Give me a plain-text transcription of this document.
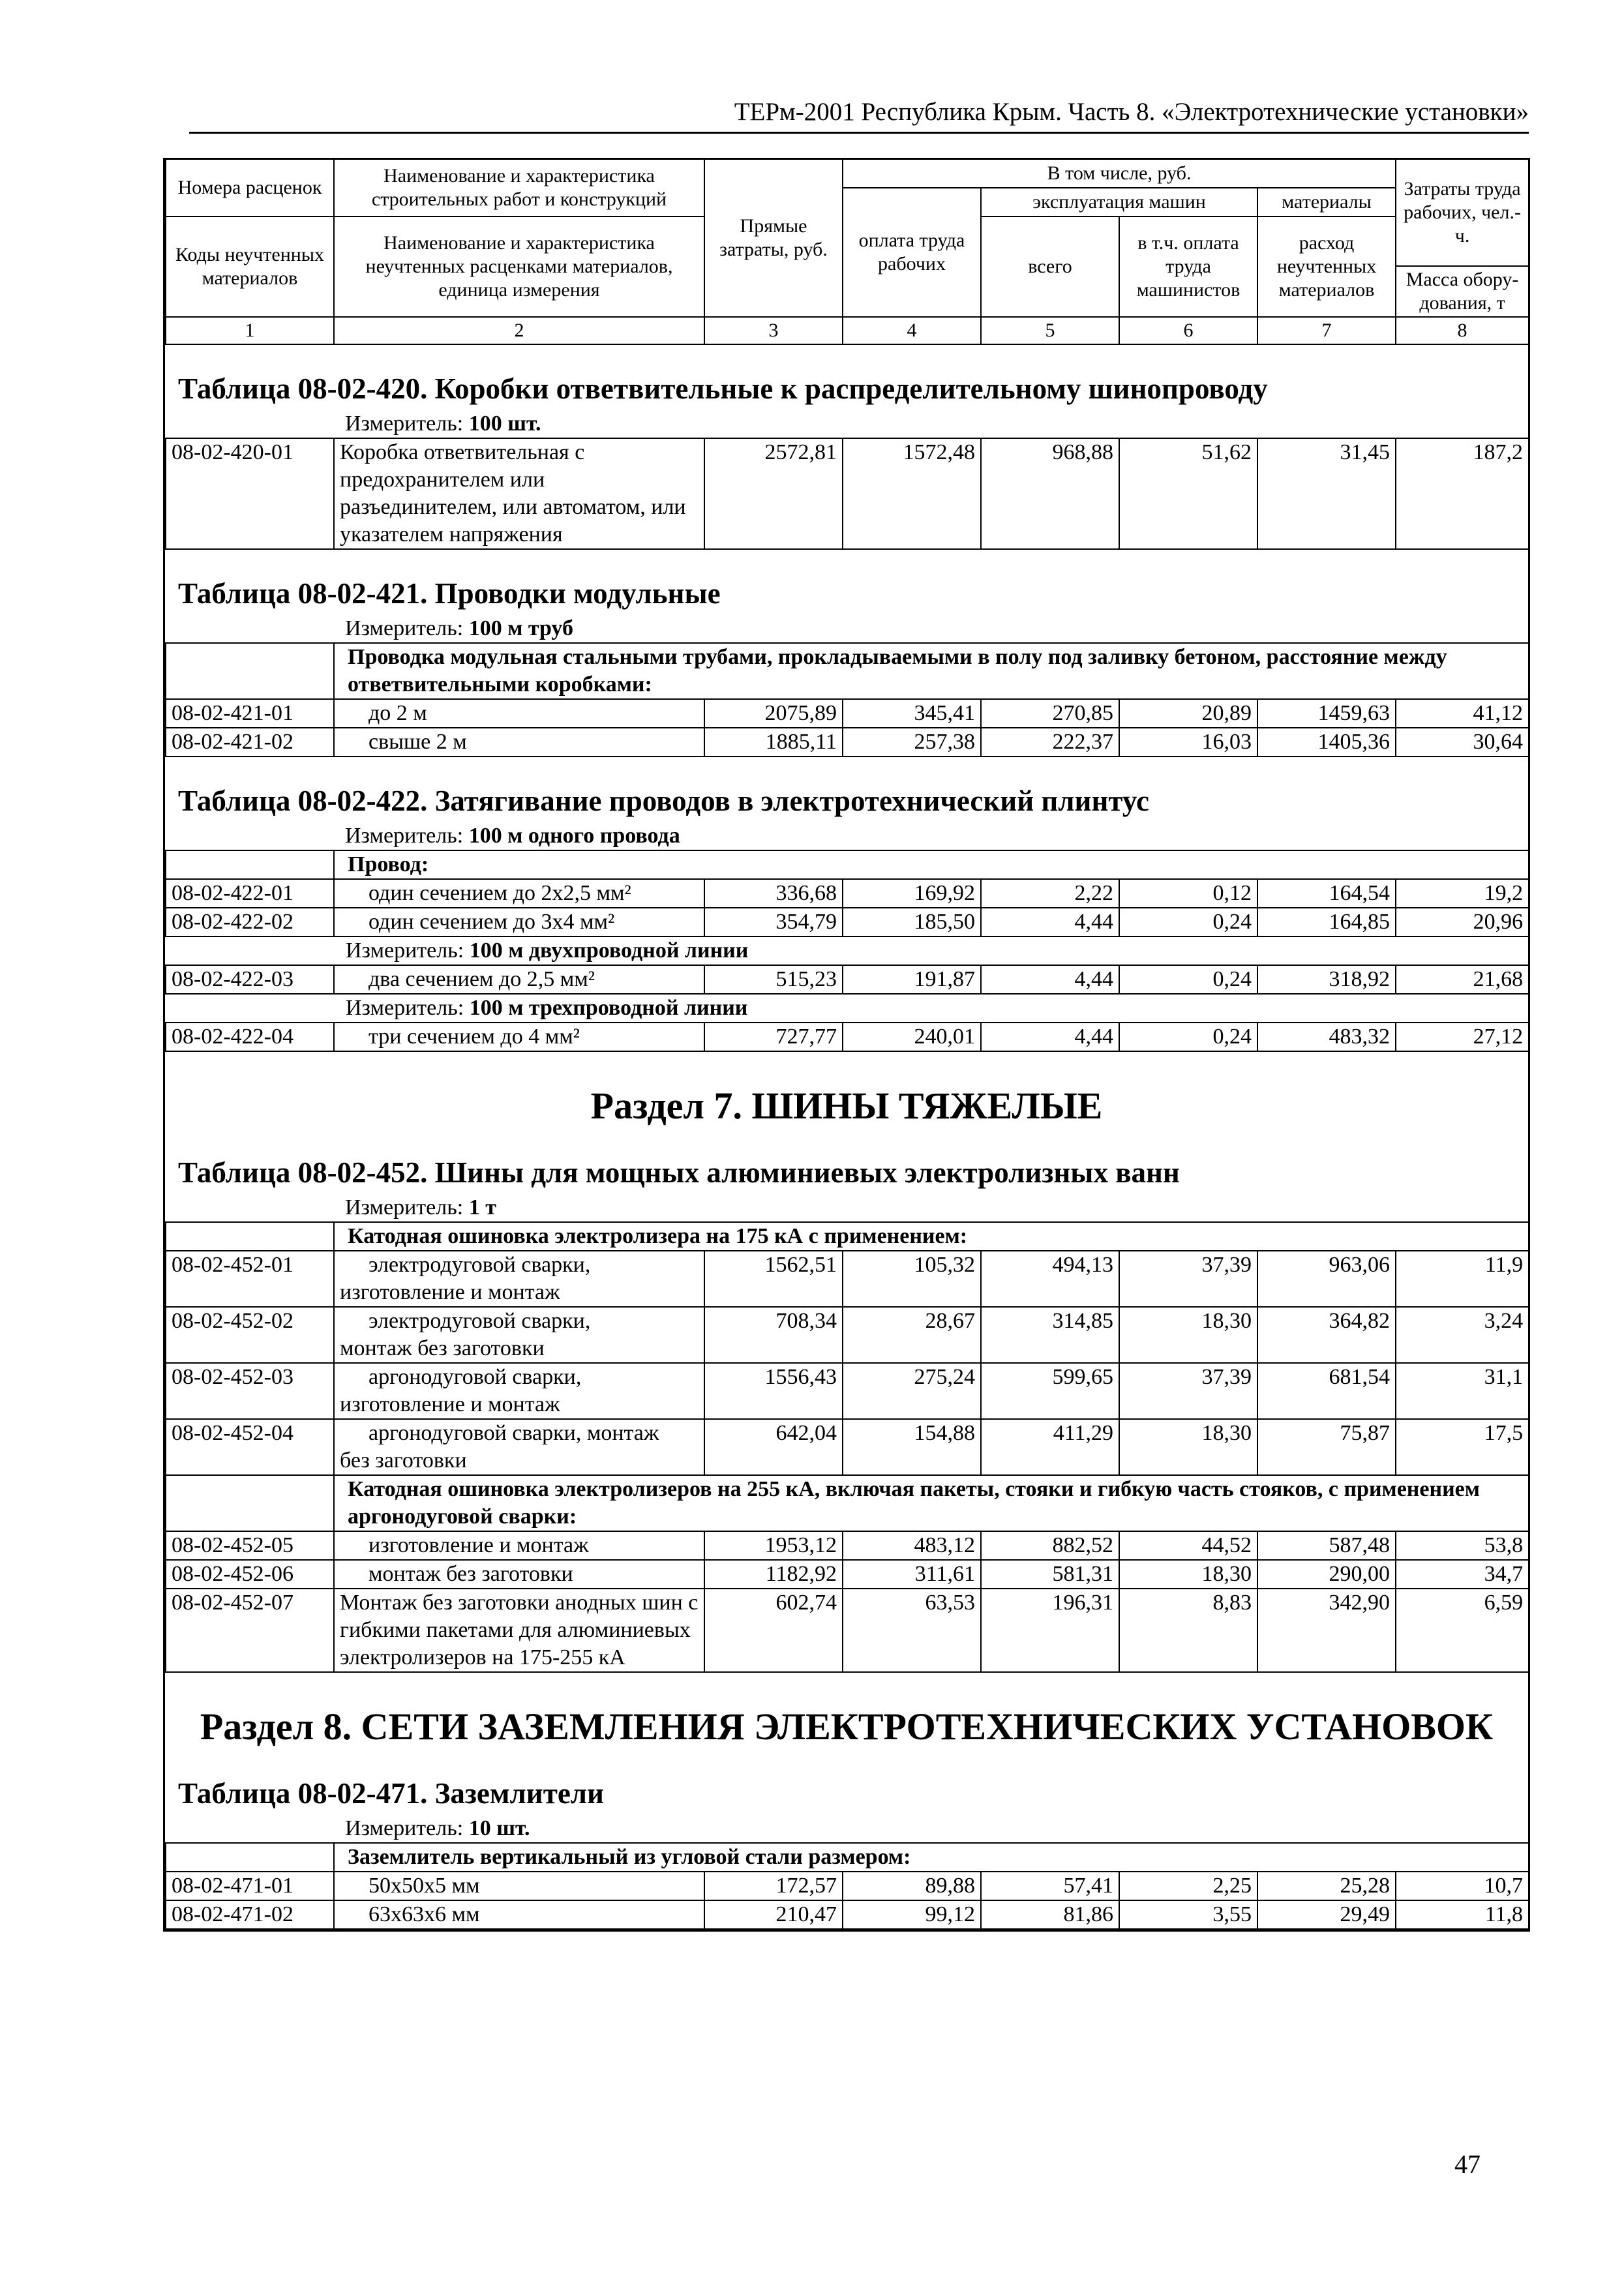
ТЕРм-2001 Республика Крым. Часть 8. «Электротехнические установки»
Номера расценок	Наименование и характеристика строительных работ и конструкций	Прямые затраты, руб.	В том числе, руб.				Затраты труда рабочих, чел.-ч.
			оплата труда рабочих	эксплуатация машин		материалы	
Коды неучтенных материалов	Наименование и характеристика неучтенных расценками материалов, единица измерения			всего	в т.ч. оплата труда машинистов	расход неучтенных материалов	
							Масса обору-дования, т
1	2	3	4	5	6	7	8
Таблица 08-02-420. Коробки ответвительные к распределительному шинопроводу
Измеритель: 100 шт.
08-02-420-01	Коробка ответвительная с предохранителем или разъединителем, или автоматом, или указателем напряжения	2572,81	1572,48	968,88	51,62	31,45	187,2
Таблица 08-02-421. Проводки модульные
Измеритель: 100 м труб
	Проводка модульная стальными трубами, прокладываемыми в полу под заливку бетоном, расстояние между ответвительными коробками:						
08-02-421-01	до 2 м	2075,89	345,41	270,85	20,89	1459,63	41,12
08-02-421-02	свыше 2 м	1885,11	257,38	222,37	16,03	1405,36	30,64
Таблица 08-02-422. Затягивание проводов в электротехнический плинтус
Измеритель: 100 м одного провода
	Провод:						
08-02-422-01	один сечением до 2х2,5 мм²	336,68	169,92	2,22	0,12	164,54	19,2
08-02-422-02	один сечением до 3х4 мм²	354,79	185,50	4,44	0,24	164,85	20,96
Измеритель: 100 м двухпроводной линии							
08-02-422-03	два сечением до 2,5 мм²	515,23	191,87	4,44	0,24	318,92	21,68
Измеритель: 100 м трехпроводной линии							
08-02-422-04	три сечением до 4 мм²	727,77	240,01	4,44	0,24	483,32	27,12
Раздел 7. ШИНЫ ТЯЖЕЛЫЕ
Таблица 08-02-452. Шины для мощных алюминиевых электролизных ванн
Измеритель: 1 т
	Катодная ошиновка электролизера на 175 кА с применением:						
08-02-452-01	электродуговой сварки,
изготовление и монтаж	1562,51	105,32	494,13	37,39	963,06	11,9
08-02-452-02	электродуговой сварки,
монтаж без заготовки	708,34	28,67	314,85	18,30	364,82	3,24
08-02-452-03	аргонодуговой сварки,
изготовление и монтаж	1556,43	275,24	599,65	37,39	681,54	31,1
08-02-452-04	аргонодуговой сварки, монтаж
без заготовки	642,04	154,88	411,29	18,30	75,87	17,5
	Катодная ошиновка электролизеров на 255 кА, включая пакеты, стояки и гибкую часть стояков, с применением аргонодуговой сварки:						
08-02-452-05	изготовление и монтаж	1953,12	483,12	882,52	44,52	587,48	53,8
08-02-452-06	монтаж без заготовки	1182,92	311,61	581,31	18,30	290,00	34,7
08-02-452-07	Монтаж без заготовки анодных шин с гибкими пакетами для алюминиевых электролизеров на 175-255 кА	602,74	63,53	196,31	8,83	342,90	6,59
Раздел 8. СЕТИ ЗАЗЕМЛЕНИЯ ЭЛЕКТРОТЕХНИЧЕСКИХ УСТАНОВОК
Таблица 08-02-471. Заземлители
Измеритель: 10 шт.
	Заземлитель вертикальный из угловой стали размером:						
08-02-471-01	50х50х5 мм	172,57	89,88	57,41	2,25	25,28	10,7
08-02-471-02	63х63х6 мм	210,47	99,12	81,86	3,55	29,49	11,8
47
